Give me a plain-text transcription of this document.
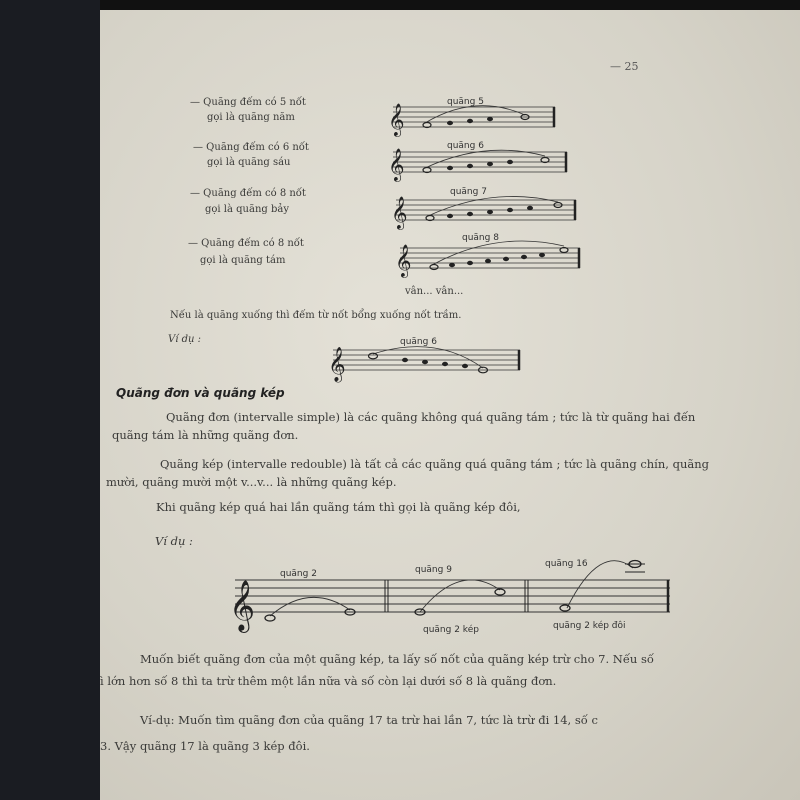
— 25
— Quãng đếm có 5 nốt
gọi là quãng năm
— Quãng đếm có 6 nốt
gọi là quãng sáu
— Quãng đếm có 8 nốt
gọi là quãng bảy
— Quãng đếm có 8 nốt
gọi là quãng tám
𝄞
quãng 5
𝄞
quãng 6
𝄞
quãng 7
𝄞
quãng 8
vân... vân...
Nếu là quãng xuống thì đếm từ nốt bổng xuống nốt trầm.
Ví dụ :
𝄞
quãng 6
Quãng đơn và quãng kép
Quãng đơn (intervalle simple) là các quãng không quá quãng tám ; tức là từ quãng hai đến
quãng tám là những quãng đơn.
Quãng kép (intervalle redouble) là tất cả các quãng quá quãng tám ; tức là quãng chín, quãng
mười, quãng mười một v...v... là những quãng kép.
Khi quãng kép quá hai lần quãng tám thì gọi là quãng kép đôi,
Ví dụ :
𝄞
quãng 2	quãng 9
quãng 16
quãng 2 kép	quãng 2 kép đôi
Muốn biết quãng đơn của một quãng kép, ta lấy số nốt của quãng kép trừ cho 7. Nếu số
ì lớn hơn số 8 thì ta trừ thêm một lần nữa và số còn lại dưới số 8 là quãng đơn.
Ví-dụ: Muốn tìm quãng đơn của quãng 17 ta trừ hai lần 7, tức là trừ đi 14, số c
3. Vậy quãng 17 là quãng 3 kép đôi.
